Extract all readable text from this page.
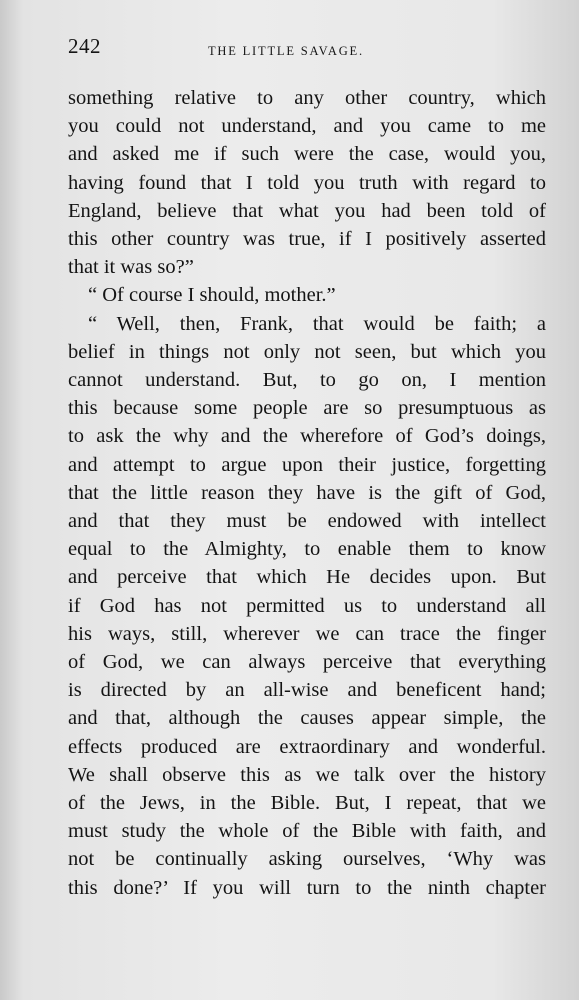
242	THE LITTLE SAVAGE.
something relative to any other country, which
you could not understand, and you came to me
and asked me if such were the case, would you,
having found that I told you truth with regard to
England, believe that what you had been told of
this other country was true, if I positively asserted
that it was so?”
“ Of course I should, mother.”
“ Well, then, Frank, that would be faith; a
belief in things not only not seen, but which you
cannot understand. But, to go on, I mention
this because some people are so presumptuous as
to ask the why and the wherefore of God’s doings,
and attempt to argue upon their justice, forgetting
that the little reason they have is the gift of God,
and that they must be endowed with intellect
equal to the Almighty, to enable them to know
and perceive that which He decides upon. But
if God has not permitted us to understand all
his ways, still, wherever we can trace the finger
of God, we can always perceive that everything
is directed by an all-wise and beneficent hand;
and that, although the causes appear simple, the
effects produced are extraordinary and wonderful.
We shall observe this as we talk over the history
of the Jews, in the Bible. But, I repeat, that we
must study the whole of the Bible with faith, and
not be continually asking ourselves, ‘Why was
this done?’ If you will turn to the ninth chapter
